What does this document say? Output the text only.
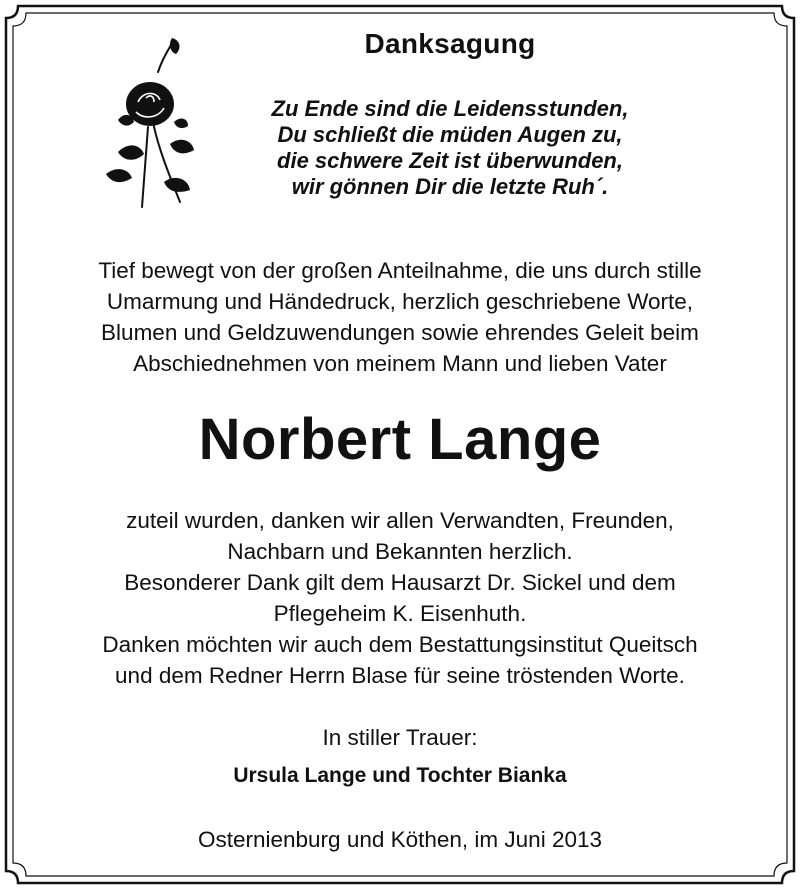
Danksagung
Zu Ende sind die Leidensstunden,
Du schließt die müden Augen zu,
die schwere Zeit ist überwunden,
wir gönnen Dir die letzte Ruh´.
Tief bewegt von der großen Anteilnahme, die uns durch stille
Umarmung und Händedruck, herzlich geschriebene Worte,
Blumen und Geldzuwendungen sowie ehrendes Geleit beim
Abschiednehmen von meinem Mann und lieben Vater
Norbert Lange
zuteil wurden, danken wir allen Verwandten, Freunden,
Nachbarn und Bekannten herzlich.
Besonderer Dank gilt dem Hausarzt Dr. Sickel und dem
Pflegeheim K. Eisenhuth.
Danken möchten wir auch dem Bestattungsinstitut Queitsch
und dem Redner Herrn Blase für seine tröstenden Worte.
In stiller Trauer:
Ursula Lange und Tochter Bianka
Osternienburg und Köthen, im Juni 2013
